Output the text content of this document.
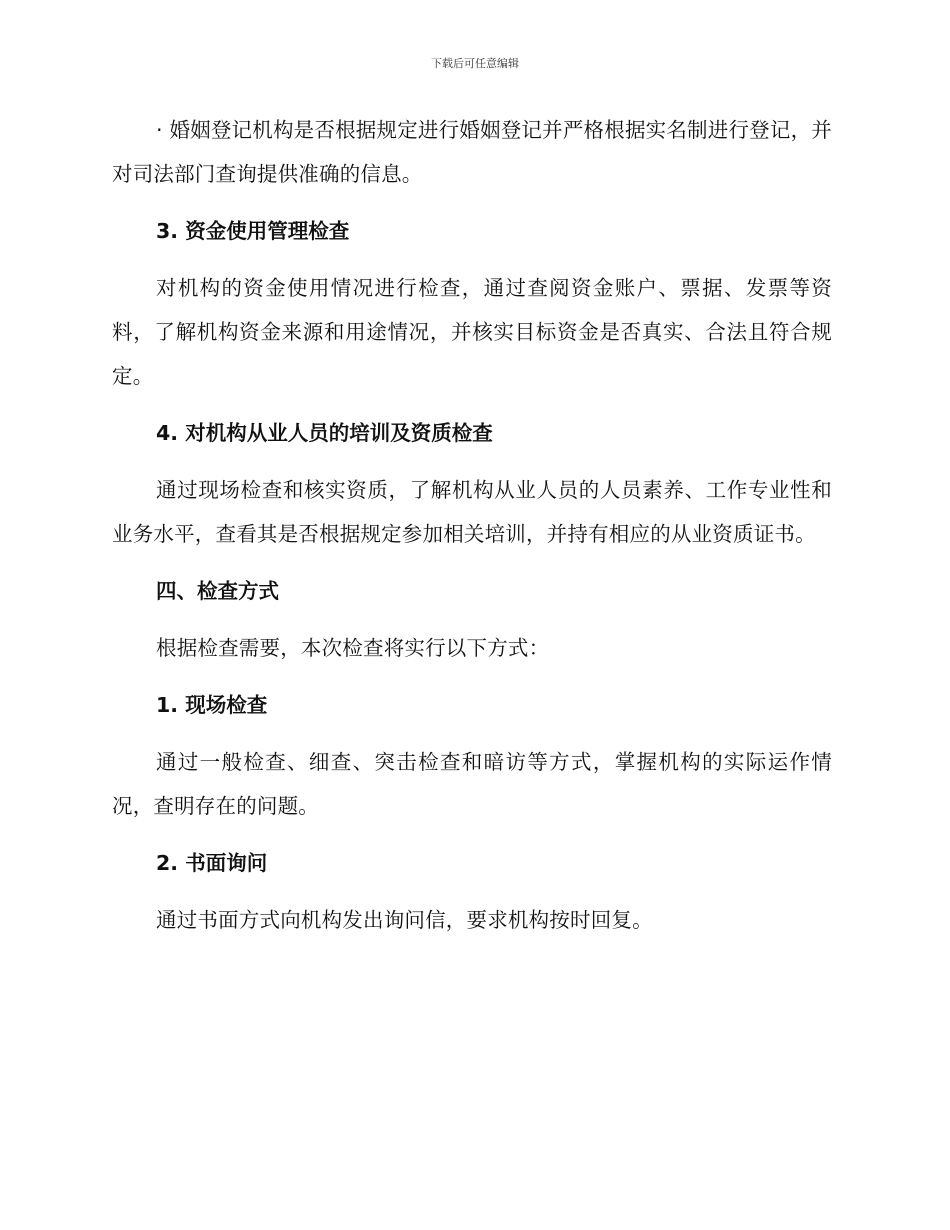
下载后可任意编辑

· 婚姻登记机构是否根据规定进行婚姻登记并严格根据实名制进行登记，并对司法部门查询提供准确的信息。

3. 资金使用管理检查

对机构的资金使用情况进行检查，通过查阅资金账户、票据、发票等资料，了解机构资金来源和用途情况，并核实目标资金是否真实、合法且符合规定。

4. 对机构从业人员的培训及资质检查

通过现场检查和核实资质，了解机构从业人员的人员素养、工作专业性和业务水平，查看其是否根据规定参加相关培训，并持有相应的从业资质证书。

四、检查方式

根据检查需要，本次检查将实行以下方式：

1. 现场检查

通过一般检查、细查、突击检查和暗访等方式，掌握机构的实际运作情况，查明存在的问题。

2. 书面询问

通过书面方式向机构发出询问信，要求机构按时回复。
